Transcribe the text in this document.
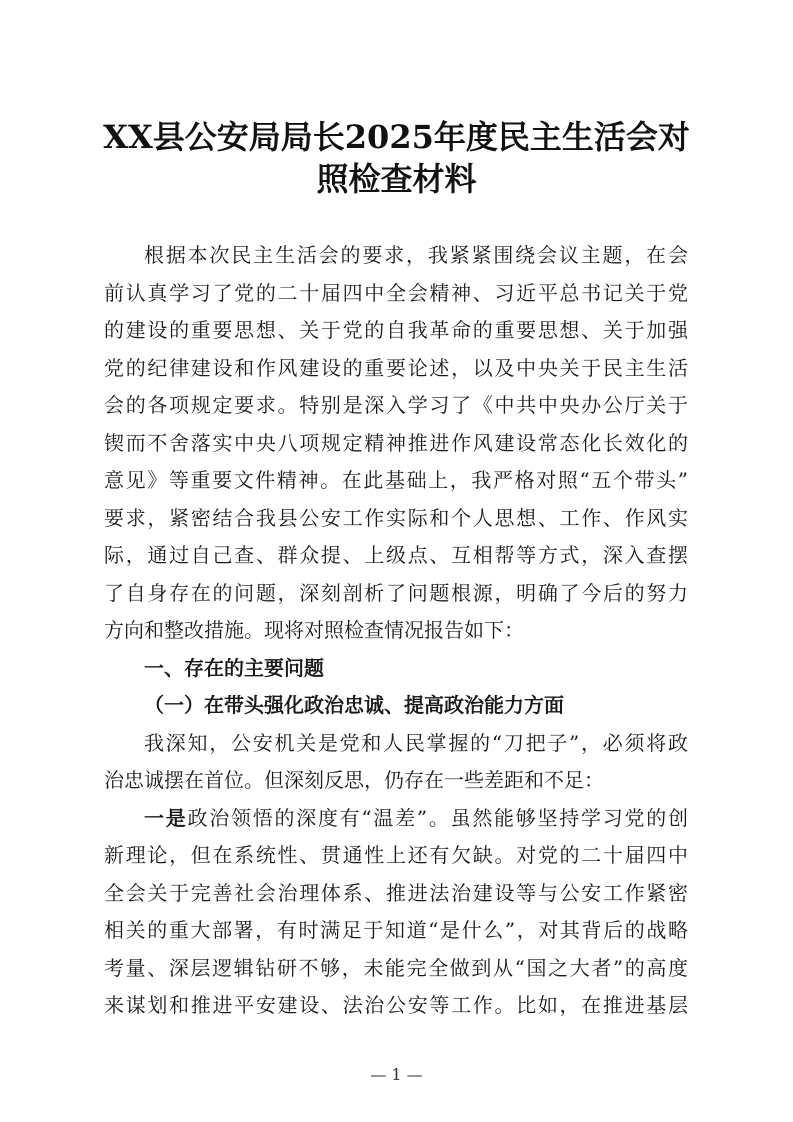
XX县公安局局长2025年度民主生活会对
照检查材料
根据本次民主生活会的要求，我紧紧围绕会议主题，在会
前认真学习了党的二十届四中全会精神、习近平总书记关于党
的建设的重要思想、关于党的自我革命的重要思想、关于加强
党的纪律建设和作风建设的重要论述，以及中央关于民主生活
会的各项规定要求。特别是深入学习了《中共中央办公厅关于
锲而不舍落实中央八项规定精神推进作风建设常态化长效化的
意见》等重要文件精神。在此基础上，我严格对照“五个带头”
要求，紧密结合我县公安工作实际和个人思想、工作、作风实
际，通过自己查、群众提、上级点、互相帮等方式，深入查摆
了自身存在的问题，深刻剖析了问题根源，明确了今后的努力
方向和整改措施。现将对照检查情况报告如下：
一、存在的主要问题
（一）在带头强化政治忠诚、提高政治能力方面
我深知，公安机关是党和人民掌握的“刀把子”，必须将政
治忠诚摆在首位。但深刻反思，仍存在一些差距和不足：
一是政治领悟的深度有“温差”。虽然能够坚持学习党的创
新理论，但在系统性、贯通性上还有欠缺。对党的二十届四中
全会关于完善社会治理体系、推进法治建设等与公安工作紧密
相关的重大部署，有时满足于知道“是什么”，对其背后的战略
考量、深层逻辑钻研不够，未能完全做到从“国之大者”的高度
来谋划和推进平安建设、法治公安等工作。比如，在推进基层
— 1 —
